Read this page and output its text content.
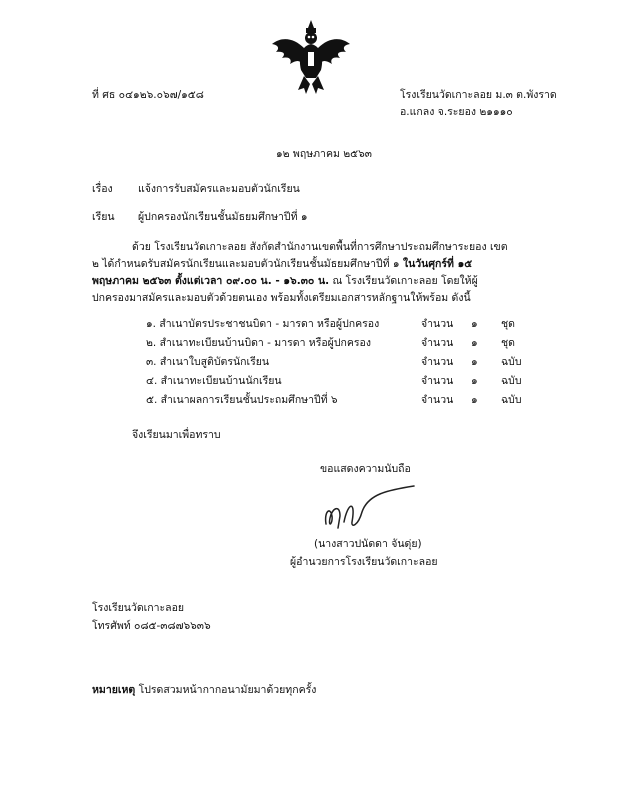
ที่ ศธ ๐๔๑๒๖.๐๖๗/๑๕๘	โรงเรียนวัดเกาะลอย ม.๓ ต.พังราด
อ.แกลง จ.ระยอง ๒๑๑๑๐
๑๒ พฤษภาคม ๒๕๖๓
เรื่อง แจ้งการรับสมัครและมอบตัวนักเรียน
เรียน ผู้ปกครองนักเรียนชั้นมัธยมศึกษาปีที่ ๑

ด้วย โรงเรียนวัดเกาะลอย สังกัดสำนักงานเขตพื้นที่การศึกษาประถมศึกษาระยอง เขต ๒ ได้กำหนดรับสมัครนักเรียนและมอบตัวนักเรียนชั้นมัธยมศึกษาปีที่ ๑ ในวันศุกร์ที่ ๑๕ พฤษภาคม ๒๕๖๓ ตั้งแต่เวลา ๐๙.๐๐ น. - ๑๖.๓๐ น. ณ โรงเรียนวัดเกาะลอย โดยให้ผู้ปกครองมาสมัครและมอบตัวด้วยตนเอง พร้อมทั้งเตรียมเอกสารหลักฐานให้พร้อม ดังนี้

๑. สำเนาบัตรประชาชนบิดา - มารดา หรือผู้ปกครอง	จำนวน ๑ ชุด
๒. สำเนาทะเบียนบ้านบิดา - มารดา หรือผู้ปกครอง	จำนวน ๑ ชุด
๓. สำเนาใบสูติบัตรนักเรียน	จำนวน ๑ ฉบับ
๔. สำเนาทะเบียนบ้านนักเรียน	จำนวน ๑ ฉบับ
๕. สำเนาผลการเรียนชั้นประถมศึกษาปีที่ ๖	จำนวน ๑ ฉบับ
จึงเรียนมาเพื่อทราบ
ขอแสดงความนับถือ
(นางสาวปนัดดา จันดุ่ย)
ผู้อำนวยการโรงเรียนวัดเกาะลอย
โรงเรียนวัดเกาะลอย
โทรศัพท์ ๐๘๕-๓๘๗๖๖๓๖
หมายเหตุ โปรดสวมหน้ากากอนามัยมาด้วยทุกครั้ง
